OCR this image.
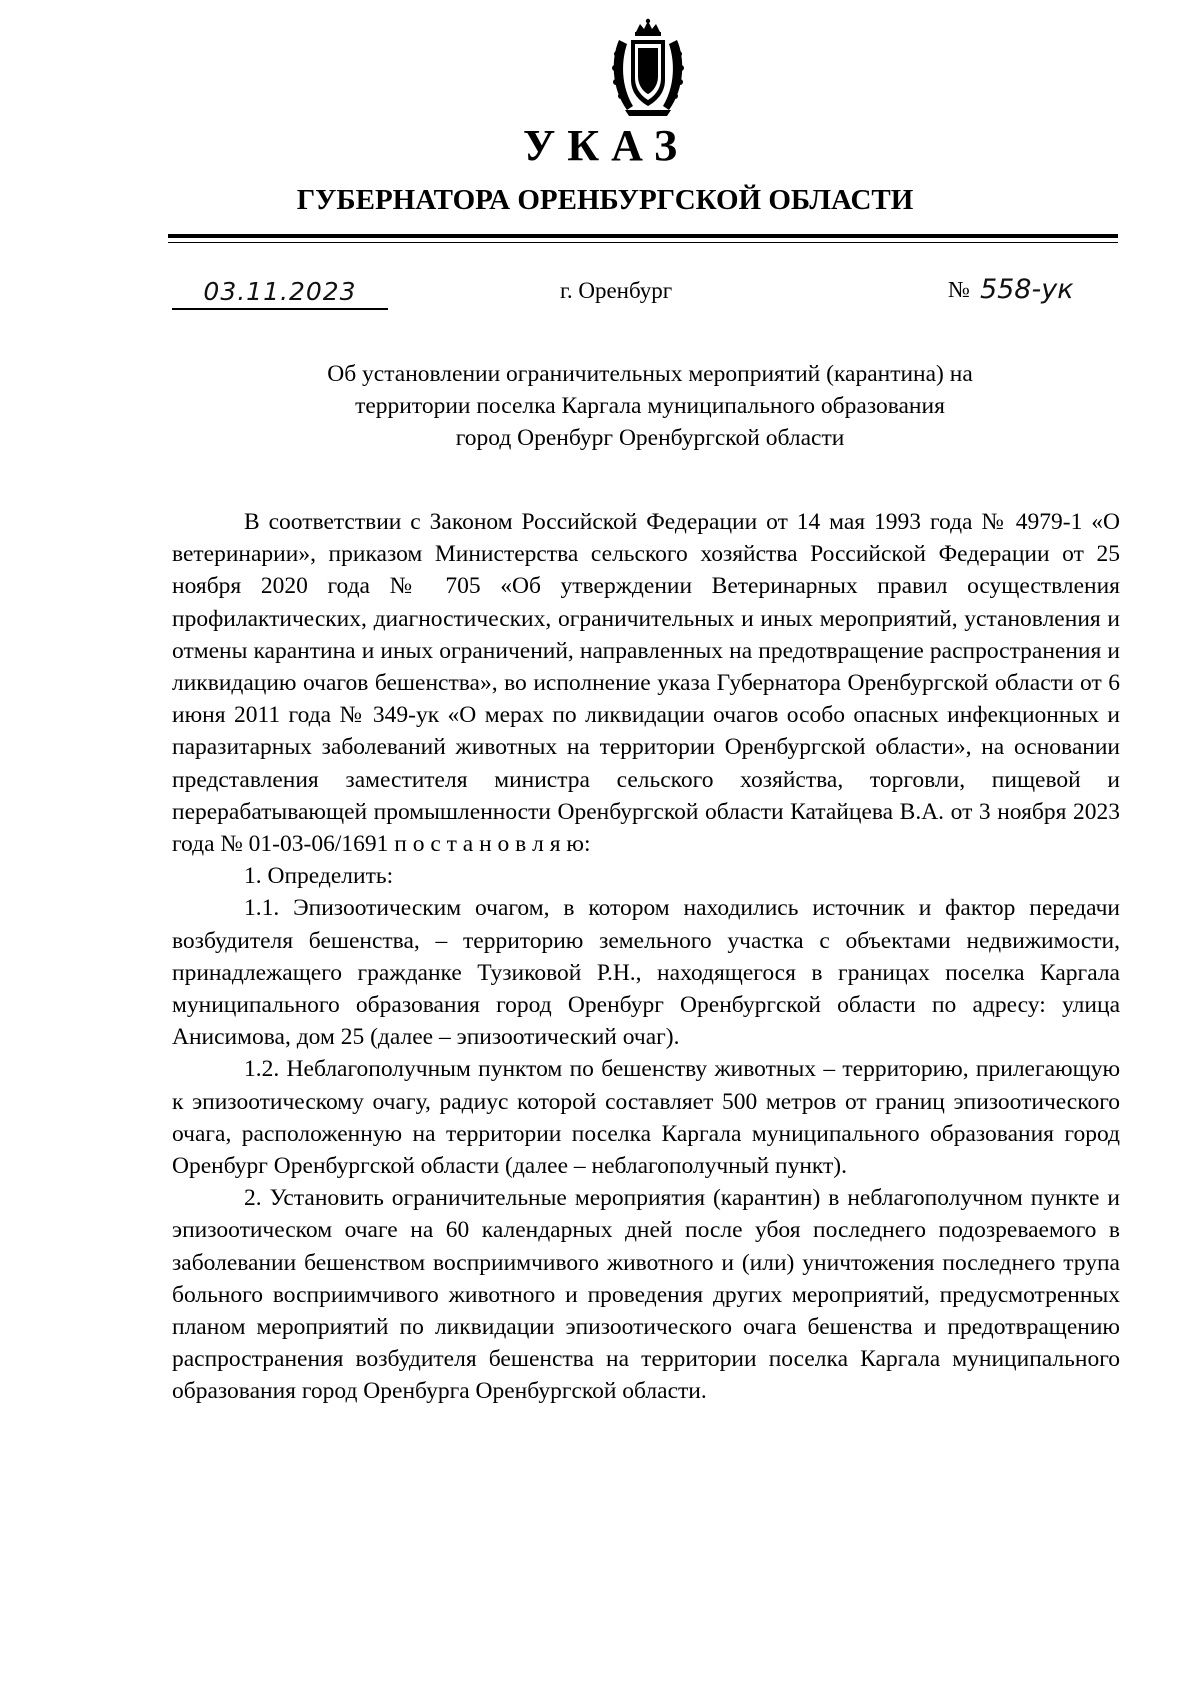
УКАЗ
ГУБЕРНАТОРА ОРЕНБУРГСКОЙ ОБЛАСТИ
03.11.2023	г. Оренбург	№ 558-ук
Об установлении ограничительных мероприятий (карантина) на
территории поселка Каргала муниципального образования
город Оренбург Оренбургской области

В соответствии с Законом Российской Федерации от 14 мая 1993 года № 4979-1 «О ветеринарии», приказом Министерства сельского хозяйства Российской Федерации от 25 ноября 2020 года № 705 «Об утверждении Ветеринарных правил осуществления профилактических, диагностических, ограничительных и иных мероприятий, установления и отмены карантина и иных ограничений, направленных на предотвращение распространения и ликвидацию очагов бешенства», во исполнение указа Губернатора Оренбургской области от 6 июня 2011 года № 349-ук «О мерах по ликвидации очагов особо опасных инфекционных и паразитарных заболеваний животных на территории Оренбургской области», на основании представления заместителя министра сельского хозяйства, торговли, пищевой и перерабатывающей промышленности Оренбургской области Катайцева В.А. от 3 ноября 2023 года № 01-03-06/1691 п о с т а н о в л я ю:

1. Определить:

1.1. Эпизоотическим очагом, в котором находились источник и фактор передачи возбудителя бешенства, – территорию земельного участка с объектами недвижимости, принадлежащего гражданке Тузиковой Р.Н., находящегося в границах поселка Каргала муниципального образования город Оренбург Оренбургской области по адресу: улица Анисимова, дом 25 (далее – эпизоотический очаг).

1.2. Неблагополучным пунктом по бешенству животных – территорию, прилегающую к эпизоотическому очагу, радиус которой составляет 500 метров от границ эпизоотического очага, расположенную на территории поселка Каргала муниципального образования город Оренбург Оренбургской области (далее – неблагополучный пункт).

2. Установить ограничительные мероприятия (карантин) в неблагополучном пункте и эпизоотическом очаге на 60 календарных дней после убоя последнего подозреваемого в заболевании бешенством восприимчивого животного и (или) уничтожения последнего трупа больного восприимчивого животного и проведения других мероприятий, предусмотренных планом мероприятий по ликвидации эпизоотического очага бешенства и предотвращению распространения возбудителя бешенства на территории поселка Каргала муниципального образования город Оренбурга Оренбургской области.
